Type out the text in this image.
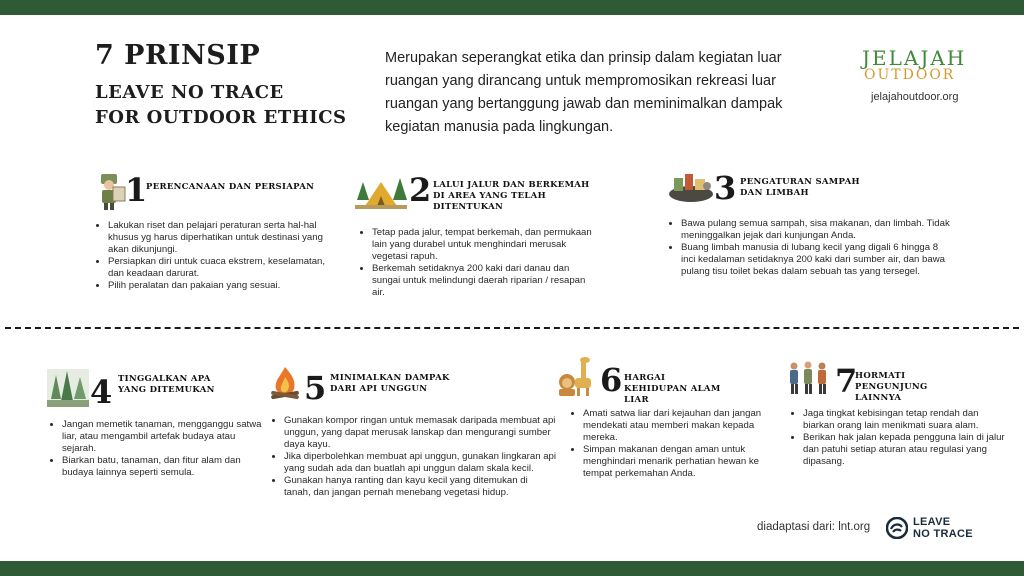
7 PRINSIP
LEAVE NO TRACE
FOR OUTDOOR ETHICS
Merupakan seperangkat etika dan prinsip dalam kegiatan luar ruangan yang dirancang untuk mempromosikan rekreasi luar ruangan yang bertanggung jawab dan meminimalkan dampak kegiatan manusia pada lingkungan.
JELAJAH
OUTDOOR
jelajahoutdoor.org
1
PERENCANAAN DAN PERSIAPAN
• Lakukan riset dan pelajari peraturan serta hal-hal khusus yg harus diperhatikan untuk destinasi yang akan dikunjungi.
• Persiapkan diri untuk cuaca ekstrem, keselamatan, dan keadaan darurat.
• Pilih peralatan dan pakaian yang sesuai.
2 LALUI JALUR DAN BERKEMAH DI AREA YANG TELAH DITENTUKAN
• Tetap pada jalur, tempat berkemah, dan permukaan lain yang durabel untuk menghindari merusak vegetasi rapuh.
• Berkemah setidaknya 200 kaki dari danau dan sungai untuk melindungi daerah riparian / resapan air.
3 PENGATURAN SAMPAH DAN LIMBAH
• Bawa pulang semua sampah, sisa makanan, dan limbah. Tidak meninggalkan jejak dari kunjungan Anda.
• Buang limbah manusia di lubang kecil yang digali 6 hingga 8 inci kedalaman setidaknya 200 kaki dari sumber air, dan bawa pulang tisu toilet bekas dalam sebuah tas yang tersegel.
4 TINGGALKAN APA YANG DITEMUKAN
• Jangan memetik tanaman, mengganggu satwa liar, atau mengambil artefak budaya atau sejarah.
• Biarkan batu, tanaman, dan fitur alam dan budaya lainnya seperti semula.
5 MINIMALKAN DAMPAK DARI API UNGGUN
• Gunakan kompor ringan untuk memasak daripada membuat api unggun, yang dapat merusak lanskap dan mengurangi sumber daya kayu.
• Jika diperbolehkan membuat api unggun, gunakan lingkaran api yang sudah ada dan buatlah api unggun dalam skala kecil.
• Gunakan hanya ranting dan kayu kecil yang ditemukan di tanah, dan jangan pernah menebang vegetasi hidup.
6 HARGAI KEHIDUPAN ALAM LIAR
• Amati satwa liar dari kejauhan dan jangan mendekati atau memberi makan kepada mereka.
• Simpan makanan dengan aman untuk menghindari menarik perhatian hewan ke tempat perkemahan Anda.
7
HORMATI PENGUNJUNG LAINNYA
• Jaga tingkat kebisingan tetap rendah dan biarkan orang lain menikmati suara alam.
• Berikan hak jalan kepada pengguna lain di jalur dan patuhi setiap aturan atau regulasi yang dipasang.
diadaptasi dari: lnt.org	LEAVE
NO TRACE
